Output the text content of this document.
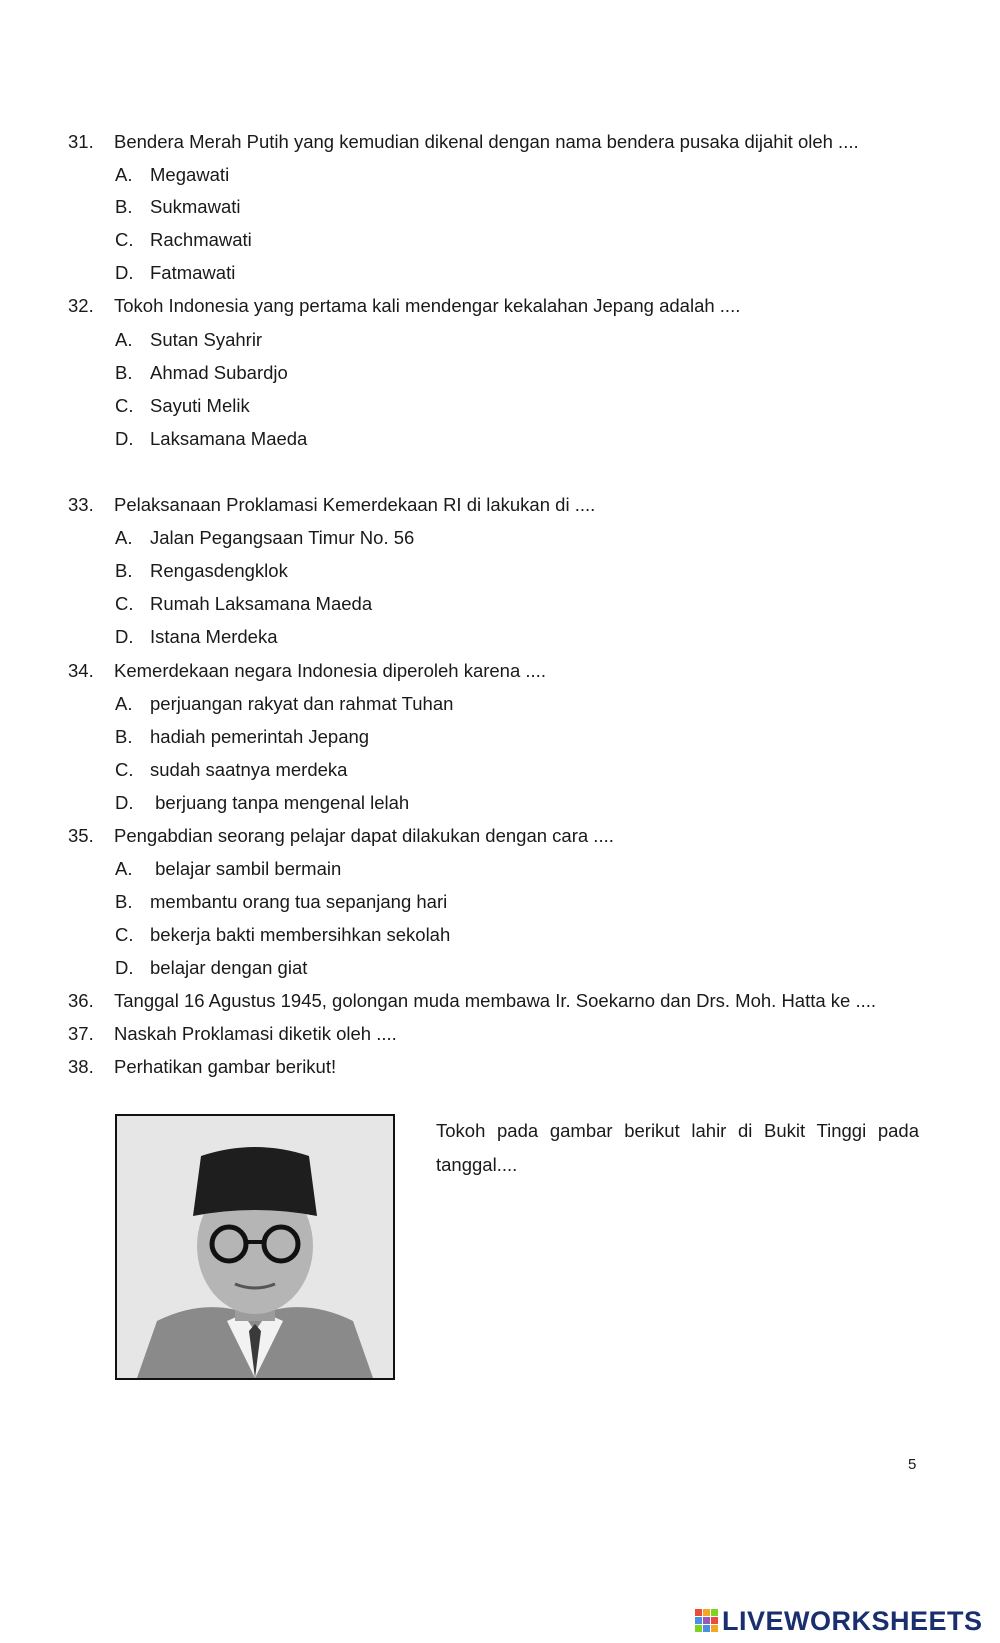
31. Bendera Merah Putih yang kemudian dikenal dengan nama bendera pusaka dijahit oleh ....
A. Megawati
B. Sukmawati
C. Rachmawati
D. Fatmawati
32. Tokoh Indonesia yang pertama kali mendengar kekalahan Jepang adalah ....
A. Sutan Syahrir
B. Ahmad Subardjo
C. Sayuti Melik
D. Laksamana Maeda
33. Pelaksanaan Proklamasi Kemerdekaan RI di lakukan di ....
A. Jalan Pegangsaan Timur No. 56
B. Rengasdengklok
C. Rumah Laksamana Maeda
D. Istana Merdeka
34. Kemerdekaan negara Indonesia diperoleh karena ....
A. perjuangan rakyat dan rahmat Tuhan
B. hadiah pemerintah Jepang
C. sudah saatnya merdeka
D. berjuang tanpa mengenal lelah
35. Pengabdian seorang pelajar dapat dilakukan dengan cara ....
A. belajar sambil bermain
B. membantu orang tua sepanjang hari
C. bekerja bakti membersihkan sekolah
D. belajar dengan giat
36. Tanggal 16 Agustus 1945, golongan muda membawa Ir. Soekarno dan Drs. Moh. Hatta ke ....
37. Naskah Proklamasi diketik oleh ....
38. Perhatikan gambar berikut!
Tokoh pada gambar berikut lahir di Bukit Tinggi pada tanggal....
5
LIVEWORKSHEETS
